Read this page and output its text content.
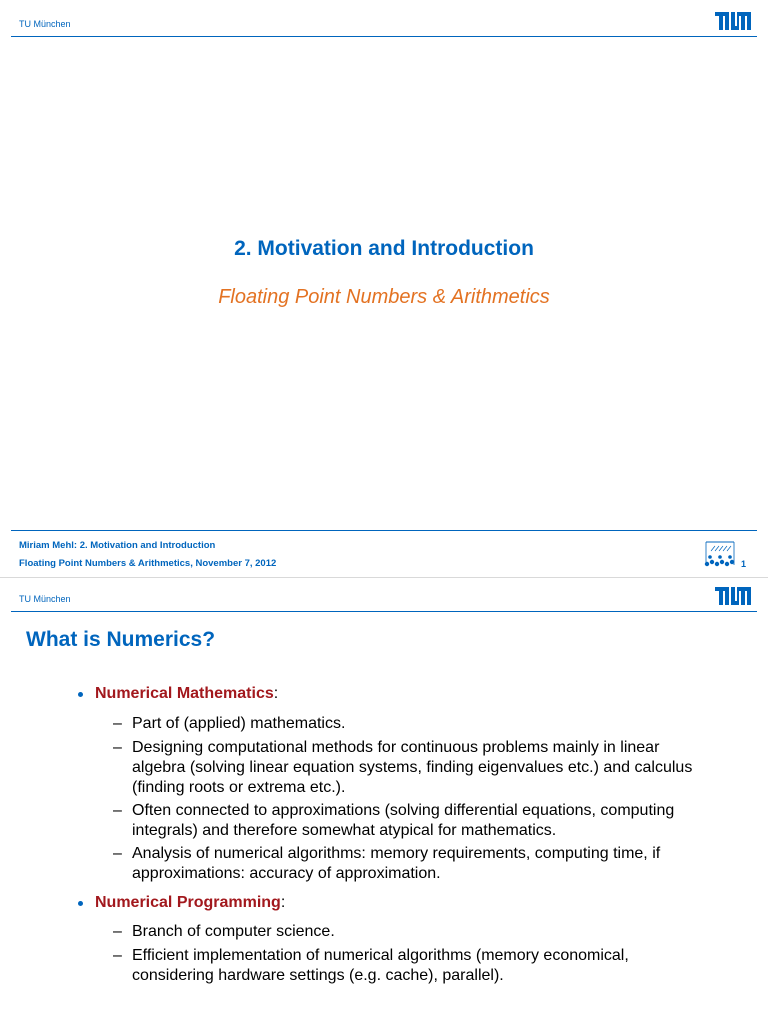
TU München
2. Motivation and Introduction
Floating Point Numbers & Arithmetics
Miriam Mehl: 2. Motivation and Introduction
Floating Point Numbers & Arithmetics, November 7, 2012	1
TU München
What is Numerics?
Numerical Mathematics:
– Part of (applied) mathematics.
– Designing computational methods for continuous problems mainly in linear algebra (solving linear equation systems, finding eigenvalues etc.) and calculus (finding roots or extrema etc.).
– Often connected to approximations (solving differential equations, computing integrals) and therefore somewhat atypical for mathematics.
– Analysis of numerical algorithms: memory requirements, computing time, if approximations: accuracy of approximation.
Numerical Programming:
– Branch of computer science.
– Efficient implementation of numerical algorithms (memory economical, considering hardware settings (e.g. cache), parallel).
